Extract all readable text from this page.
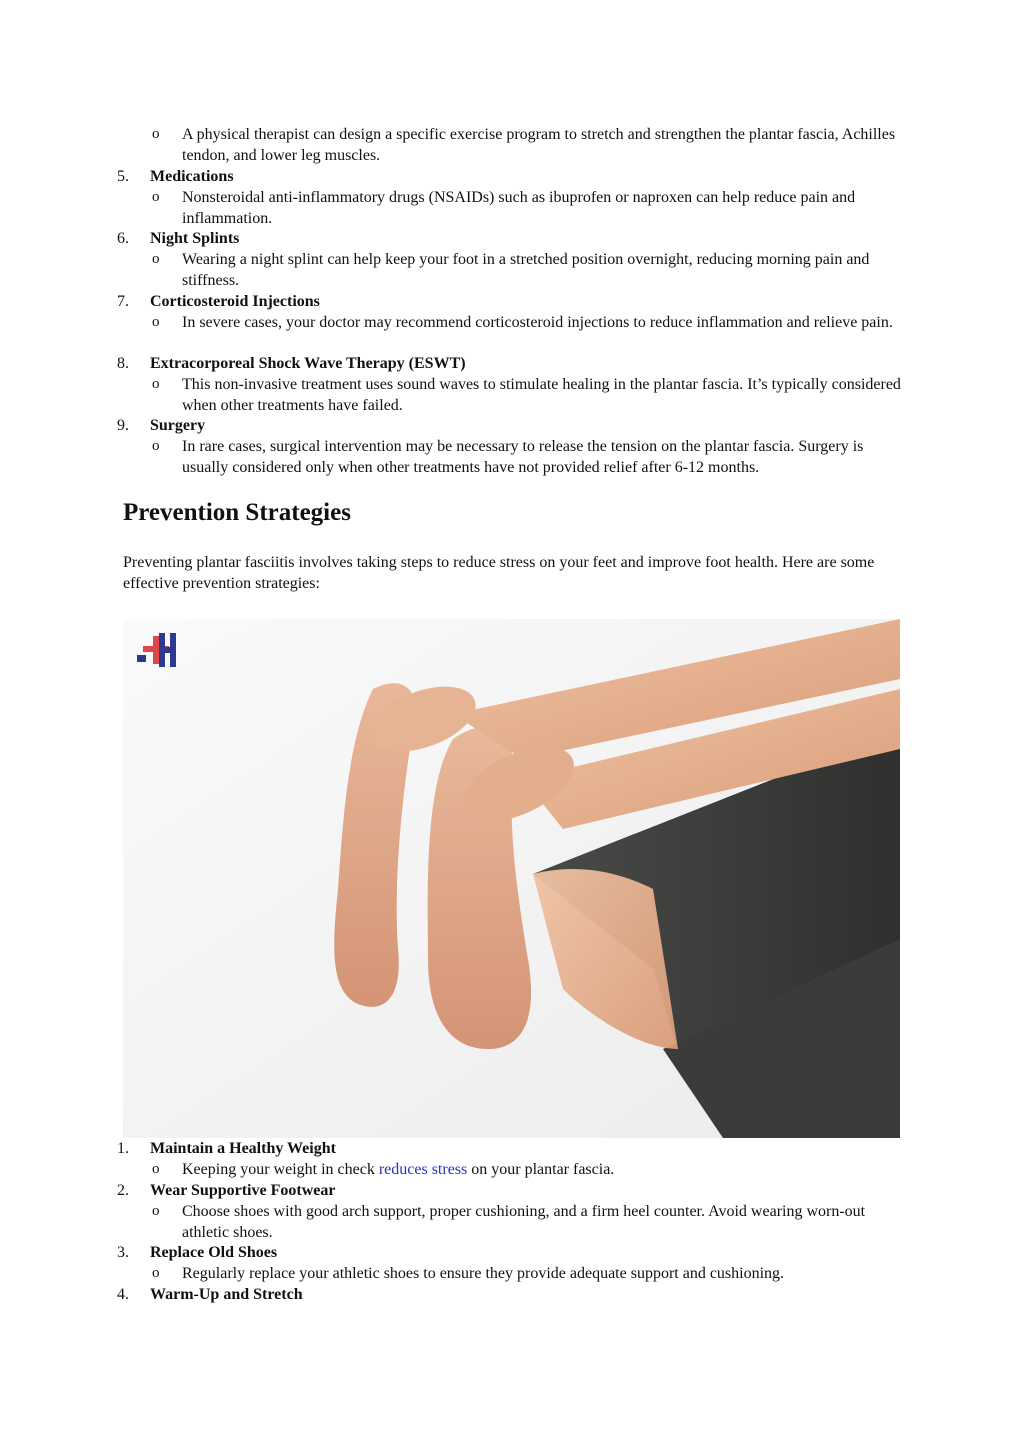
o A physical therapist can design a specific exercise program to stretch and strengthen the plantar fascia, Achilles tendon, and lower leg muscles.
5.	Medications
o Nonsteroidal anti-inflammatory drugs (NSAIDs) such as ibuprofen or naproxen can help reduce pain and inflammation.
6.	Night Splints
o Wearing a night splint can help keep your foot in a stretched position overnight, reducing morning pain and stiffness.
7.	Corticosteroid Injections
o In severe cases, your doctor may recommend corticosteroid injections to reduce inflammation and relieve pain.
8.	Extracorporeal Shock Wave Therapy (ESWT)
o This non-invasive treatment uses sound waves to stimulate healing in the plantar fascia. It’s typically considered when other treatments have failed.
9.	Surgery
o In rare cases, surgical intervention may be necessary to release the tension on the plantar fascia. Surgery is usually considered only when other treatments have not provided relief after 6-12 months.
Prevention Strategies
Preventing plantar fasciitis involves taking steps to reduce stress on your feet and improve foot health. Here are some effective prevention strategies:
1.	Maintain a Healthy Weight
o Keeping your weight in check reduces stress on your plantar fascia.
2.	Wear Supportive Footwear
o Choose shoes with good arch support, proper cushioning, and a firm heel counter. Avoid wearing worn-out athletic shoes.
3.	Replace Old Shoes
o Regularly replace your athletic shoes to ensure they provide adequate support and cushioning.
4.	Warm-Up and Stretch
